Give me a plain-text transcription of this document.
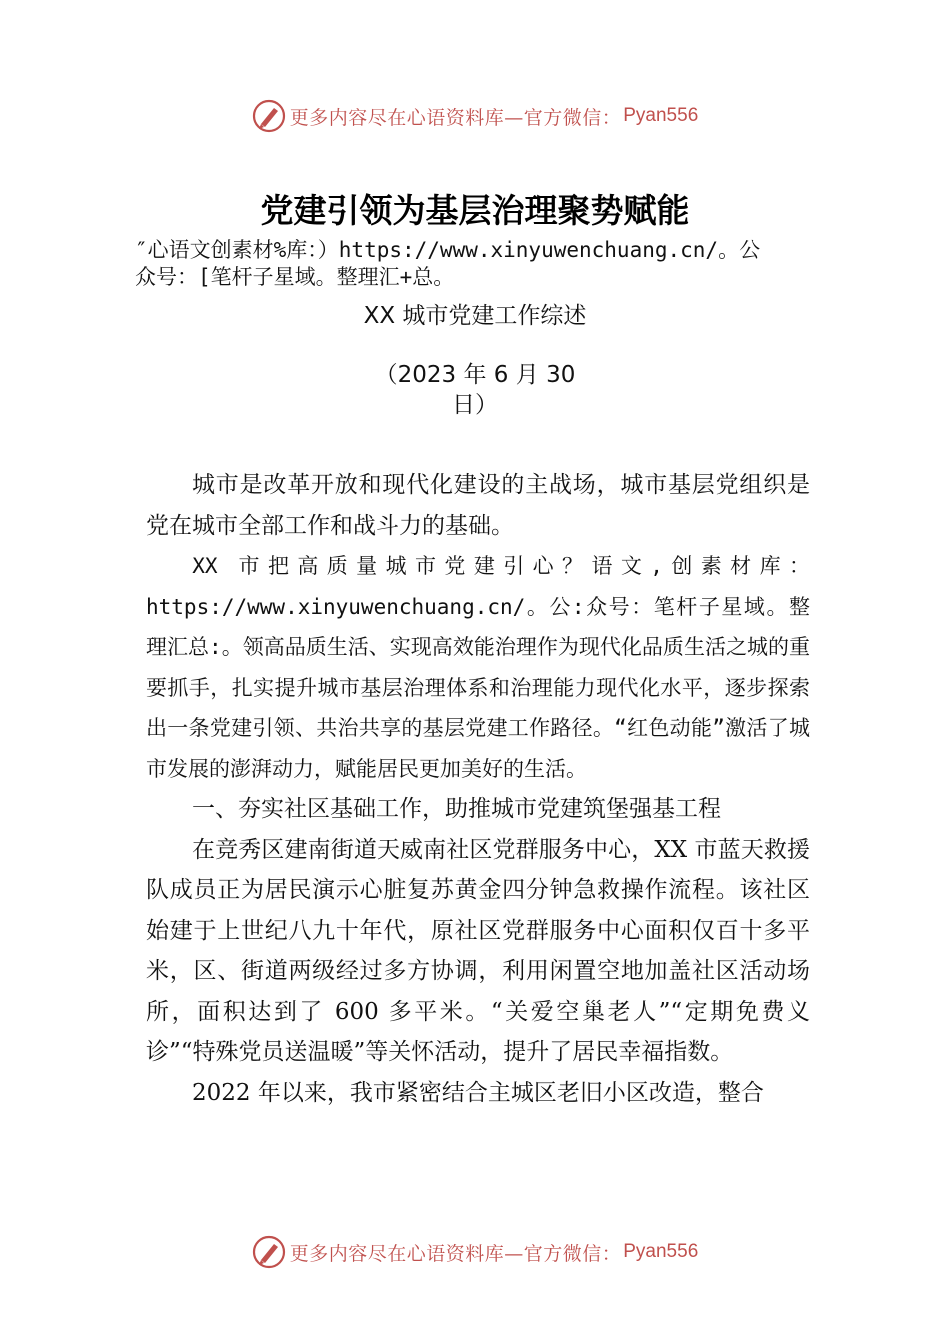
更多内容尽在心语资料库—官方微信： Pyan556
党建引领为基层治理聚势赋能
″心语文创素材%库：）https://www.xinyuwenchuang.cn/。公
众号：[笔杆子星域。整理汇+总。
XX 城市党建工作综述
（2023 年 6 月 30
日）

城市是改革开放和现代化建设的主战场，城市基层党组织是党在城市全部工作和战斗力的基础。

XX 市把高质量城市党建引心？语文,创素材库：https://www.xinyuwenchuang.cn/。公:众号：笔杆子星域。整理汇总:。领高品质生活、实现高效能治理作为现代化品质生活之城的重要抓手，扎实提升城市基层治理体系和治理能力现代化水平，逐步探索出一条党建引领、共治共享的基层党建工作路径。“红色动能”激活了城市发展的澎湃动力，赋能居民更加美好的生活。

一、夯实社区基础工作，助推城市党建筑堡强基工程

在竞秀区建南街道天威南社区党群服务中心，XX 市蓝天救援队成员正为居民演示心脏复苏黄金四分钟急救操作流程。该社区始建于上世纪八九十年代，原社区党群服务中心面积仅百十多平米，区、街道两级经过多方协调，利用闲置空地加盖社区活动场所，面积达到了 600 多平米。“关爱空巢老人”“定期免费义诊”“特殊党员送温暖”等关怀活动，提升了居民幸福指数。

2022 年以来，我市紧密结合主城区老旧小区改造，整合

更多内容尽在心语资料库—官方微信： Pyan556
